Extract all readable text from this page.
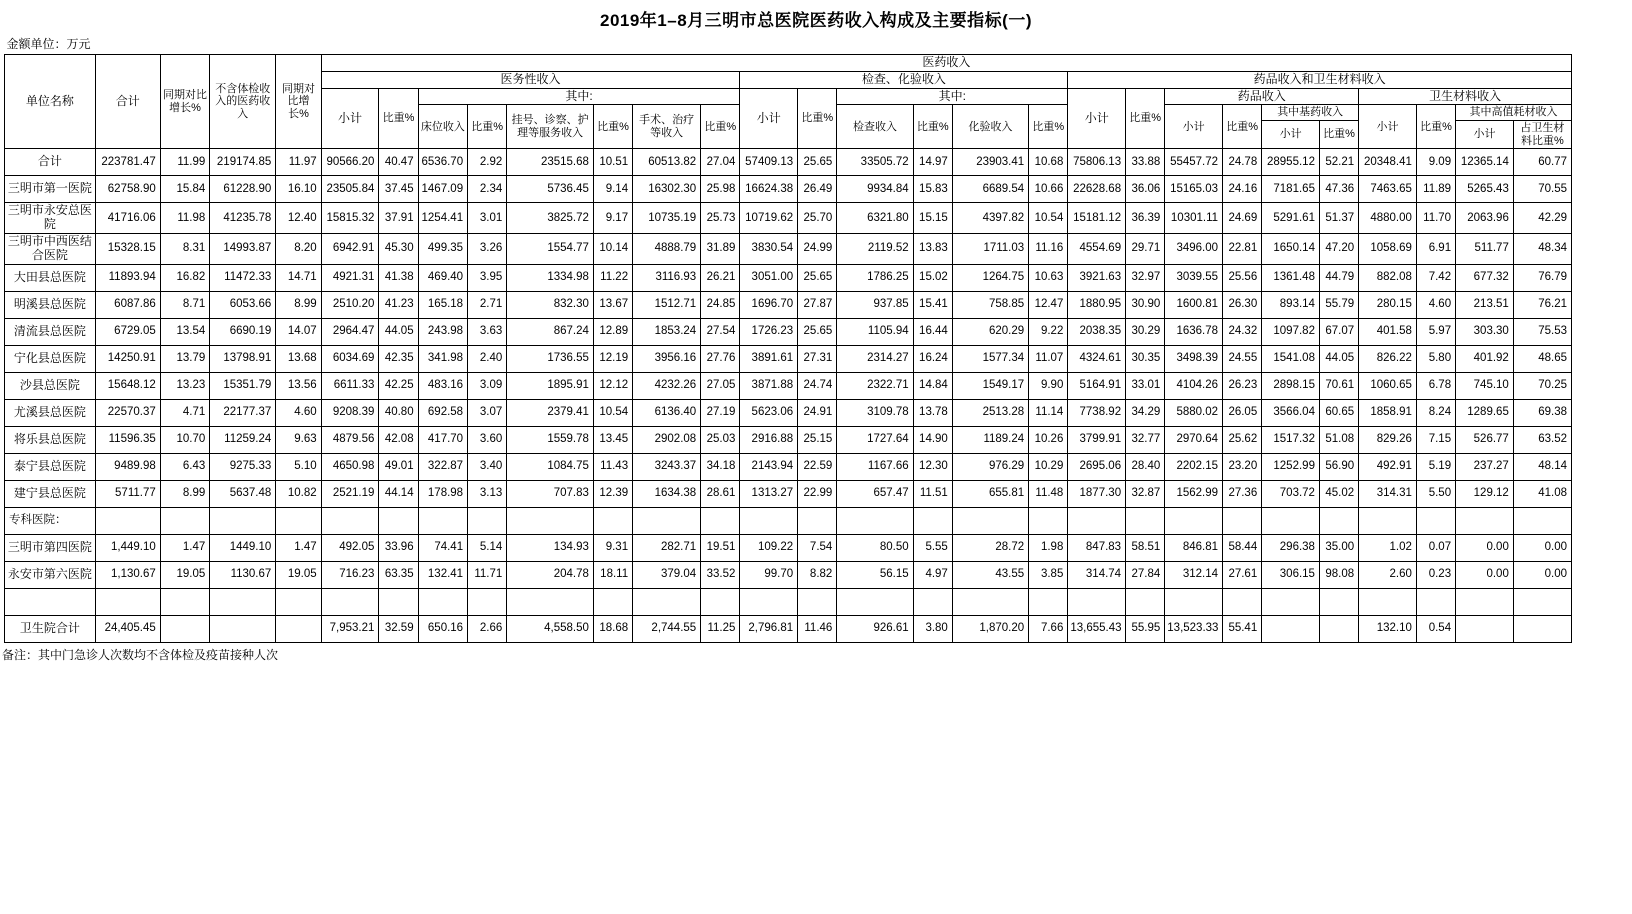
2019年1–8月三明市总医院医药收入构成及主要指标(一)
金额单位：万元																												
单位名称	合计	同期对比增长%	不含体检收入的医药收入	同期对比增长%	医药收入																							
					医务性收入								检查、化验收入						药品收入和卫生材料收入									
					小计	比重%	其中:						小计	比重%	其中:				小计	比重%	药品收入				卫生材料收入			
							床位收入	比重%	挂号、诊察、护理等服务收入	比重%	手术、治疗等收入	比重%			检查收入	比重%	化验收入	比重%			小计	比重%	其中基药收入		小计	比重%	其中高值耗材收入	
																							小计	比重%			小计	占卫生材料比重%
合计	223781.47	11.99	219174.85	11.97	90566.20	40.47	6536.70	2.92	23515.68	10.51	60513.82	27.04	57409.13	25.65	33505.72	14.97	23903.41	10.68	75806.13	33.88	55457.72	24.78	28955.12	52.21	20348.41	9.09	12365.14	60.77
三明市第一医院	62758.90	15.84	61228.90	16.10	23505.84	37.45	1467.09	2.34	5736.45	9.14	16302.30	25.98	16624.38	26.49	9934.84	15.83	6689.54	10.66	22628.68	36.06	15165.03	24.16	7181.65	47.36	7463.65	11.89	5265.43	70.55
三明市永安总医院	41716.06	11.98	41235.78	12.40	15815.32	37.91	1254.41	3.01	3825.72	9.17	10735.19	25.73	10719.62	25.70	6321.80	15.15	4397.82	10.54	15181.12	36.39	10301.11	24.69	5291.61	51.37	4880.00	11.70	2063.96	42.29
三明市中西医结合医院	15328.15	8.31	14993.87	8.20	6942.91	45.30	499.35	3.26	1554.77	10.14	4888.79	31.89	3830.54	24.99	2119.52	13.83	1711.03	11.16	4554.69	29.71	3496.00	22.81	1650.14	47.20	1058.69	6.91	511.77	48.34
大田县总医院	11893.94	16.82	11472.33	14.71	4921.31	41.38	469.40	3.95	1334.98	11.22	3116.93	26.21	3051.00	25.65	1786.25	15.02	1264.75	10.63	3921.63	32.97	3039.55	25.56	1361.48	44.79	882.08	7.42	677.32	76.79
明溪县总医院	6087.86	8.71	6053.66	8.99	2510.20	41.23	165.18	2.71	832.30	13.67	1512.71	24.85	1696.70	27.87	937.85	15.41	758.85	12.47	1880.95	30.90	1600.81	26.30	893.14	55.79	280.15	4.60	213.51	76.21
清流县总医院	6729.05	13.54	6690.19	14.07	2964.47	44.05	243.98	3.63	867.24	12.89	1853.24	27.54	1726.23	25.65	1105.94	16.44	620.29	9.22	2038.35	30.29	1636.78	24.32	1097.82	67.07	401.58	5.97	303.30	75.53
宁化县总医院	14250.91	13.79	13798.91	13.68	6034.69	42.35	341.98	2.40	1736.55	12.19	3956.16	27.76	3891.61	27.31	2314.27	16.24	1577.34	11.07	4324.61	30.35	3498.39	24.55	1541.08	44.05	826.22	5.80	401.92	48.65
沙县总医院	15648.12	13.23	15351.79	13.56	6611.33	42.25	483.16	3.09	1895.91	12.12	4232.26	27.05	3871.88	24.74	2322.71	14.84	1549.17	9.90	5164.91	33.01	4104.26	26.23	2898.15	70.61	1060.65	6.78	745.10	70.25
尤溪县总医院	22570.37	4.71	22177.37	4.60	9208.39	40.80	692.58	3.07	2379.41	10.54	6136.40	27.19	5623.06	24.91	3109.78	13.78	2513.28	11.14	7738.92	34.29	5880.02	26.05	3566.04	60.65	1858.91	8.24	1289.65	69.38
将乐县总医院	11596.35	10.70	11259.24	9.63	4879.56	42.08	417.70	3.60	1559.78	13.45	2902.08	25.03	2916.88	25.15	1727.64	14.90	1189.24	10.26	3799.91	32.77	2970.64	25.62	1517.32	51.08	829.26	7.15	526.77	63.52
泰宁县总医院	9489.98	6.43	9275.33	5.10	4650.98	49.01	322.87	3.40	1084.75	11.43	3243.37	34.18	2143.94	22.59	1167.66	12.30	976.29	10.29	2695.06	28.40	2202.15	23.20	1252.99	56.90	492.91	5.19	237.27	48.14
建宁县总医院	5711.77	8.99	5637.48	10.82	2521.19	44.14	178.98	3.13	707.83	12.39	1634.38	28.61	1313.27	22.99	657.47	11.51	655.81	11.48	1877.30	32.87	1562.99	27.36	703.72	45.02	314.31	5.50	129.12	41.08
专科医院：																												
三明市第四医院	1,449.10	1.47	1449.10	1.47	492.05	33.96	74.41	5.14	134.93	9.31	282.71	19.51	109.22	7.54	80.50	5.55	28.72	1.98	847.83	58.51	846.81	58.44	296.38	35.00	1.02	0.07	0.00	0.00
永安市第六医院	1,130.67	19.05	1130.67	19.05	716.23	63.35	132.41	11.71	204.78	18.11	379.04	33.52	99.70	8.82	56.15	4.97	43.55	3.85	314.74	27.84	312.14	27.61	306.15	98.08	2.60	0.23	0.00	0.00

卫生院合计	24,405.45				7,953.21	32.59	650.16	2.66	4,558.50	18.68	2,744.55	11.25	2,796.81	11.46	926.61	3.80	1,870.20	7.66	13,655.43	55.95	13,523.33	55.41			132.10	0.54		
备注：其中门急诊人次数均不含体检及疫苗接种人次
